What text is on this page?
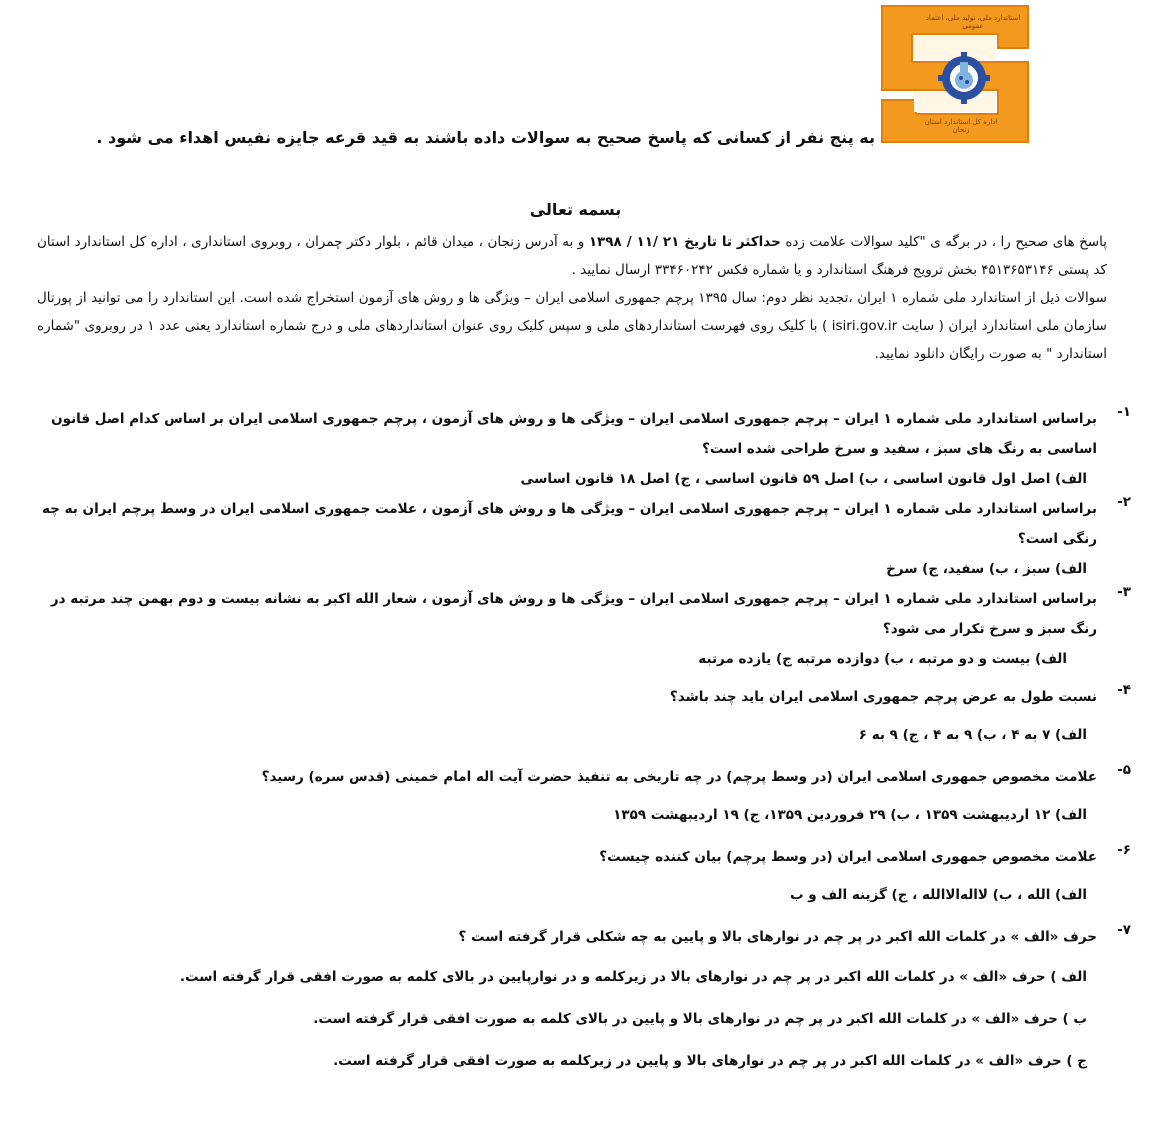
استاندارد ملی، تولید ملی، اعتماد عمومی
اداره کل استاندارد استان زنجان
به پنج نفر از کسانی که پاسخ صحیح به سوالات داده باشند به قید قرعه جایزه نفیس اهداء می شود .
بسمه تعالی
پاسخ های صحیح را ، در برگه ی "کلید سوالات علامت زده حداکثر تا تاریخ ۲۱ /۱۱ / ۱۳۹۸ و به آدرس زنجان ، میدان قائم ، بلوار دکتر چمران ، روبروی استانداری ، اداره کل استاندارد استان کد پستی ۴۵۱۳۶۵۳۱۴۶ بخش ترویج فرهنگ استاندارد و یا شماره فکس ۳۳۴۶۰۲۴۲ ارسال نمایید .
سوالات ذیل از استاندارد ملی شماره ۱ ایران ،تجدید نظر دوم: سال ۱۳۹۵ پرچم جمهوری اسلامی ایران – ویژگی ها و روش های آزمون استخراج شده است. این استاندارد را می توانید از پورتال سازمان ملی استاندارد ایران ( سایت isiri.gov.ir ) با کلیک روی فهرست استانداردهای ملی و سپس کلیک روی عنوان استانداردهای ملی و درج شماره استاندارد یعنی عدد ۱ در روبروی "شماره استاندارد " به صورت رایگان دانلود نمایید.
۱-
براساس استاندارد ملی شماره ۱ ایران – پرچم جمهوری اسلامی ایران – ویژگی ها و روش های آزمون ، پرچم جمهوری اسلامی ایران بر اساس کدام اصل قانون اساسی به رنگ های سبز ، سفید و سرخ طراحی شده است؟
الف) اصل اول قانون اساسی ، ب) اصل ۵۹ قانون اساسی ، ج) اصل ۱۸ قانون اساسی
۲-
براساس استاندارد ملی شماره ۱ ایران – پرچم جمهوری اسلامی ایران – ویژگی ها و روش های آزمون ، علامت جمهوری اسلامی ایران در وسط پرچم ایران به چه رنگی است؟
الف) سبز ، ب) سفید، ج) سرخ
۳-
براساس استاندارد ملی شماره ۱ ایران – پرچم جمهوری اسلامی ایران – ویژگی ها و روش های آزمون ، شعار الله اکبر به نشانه بیست و دوم بهمن چند مرتبه در رنگ سبز و سرخ تکرار می شود؟
الف) بیست و دو مرتبه ، ب) دوازده مرتبه ج) یازده مرتبه
۴-
نسبت طول به عرض پرچم جمهوری اسلامی ایران باید چند باشد؟
الف) ۷ به ۴ ، ب) ۹ به ۴ ، ج) ۹ به ۶
۵-
علامت مخصوص جمهوری اسلامی ایران (در وسط پرچم) در چه تاریخی به تنفیذ حضرت آیت اله امام خمینی (قدس سره) رسید؟
الف) ۱۲ اردیبهشت ۱۳۵۹ ، ب) ۲۹ فروردین ۱۳۵۹، ج) ۱۹ اردیبهشت ۱۳۵۹
۶-
علامت مخصوص جمهوری اسلامی ایران (در وسط پرچم) بیان کننده چیست؟
الف) الله ، ب) لااله‌الاالله ، ج) گزینه الف و ب
۷-
حرف «الف » در کلمات الله اکبر در پر چم در نوارهای بالا و پایین به چه شکلی قرار گرفته است ؟
الف ) حرف «الف » در کلمات الله اکبر در پر چم در نوارهای بالا در زیرکلمه و در نوارپایین در بالای کلمه به صورت افقی قرار گرفته است.
ب ) حرف «الف » در کلمات الله اکبر در پر چم در نوارهای بالا و پایین در بالای کلمه به صورت افقی قرار گرفته است.
ج ) حرف «الف » در کلمات الله اکبر در پر چم در نوارهای بالا و پایین در زیرکلمه به صورت افقی قرار گرفته است.
